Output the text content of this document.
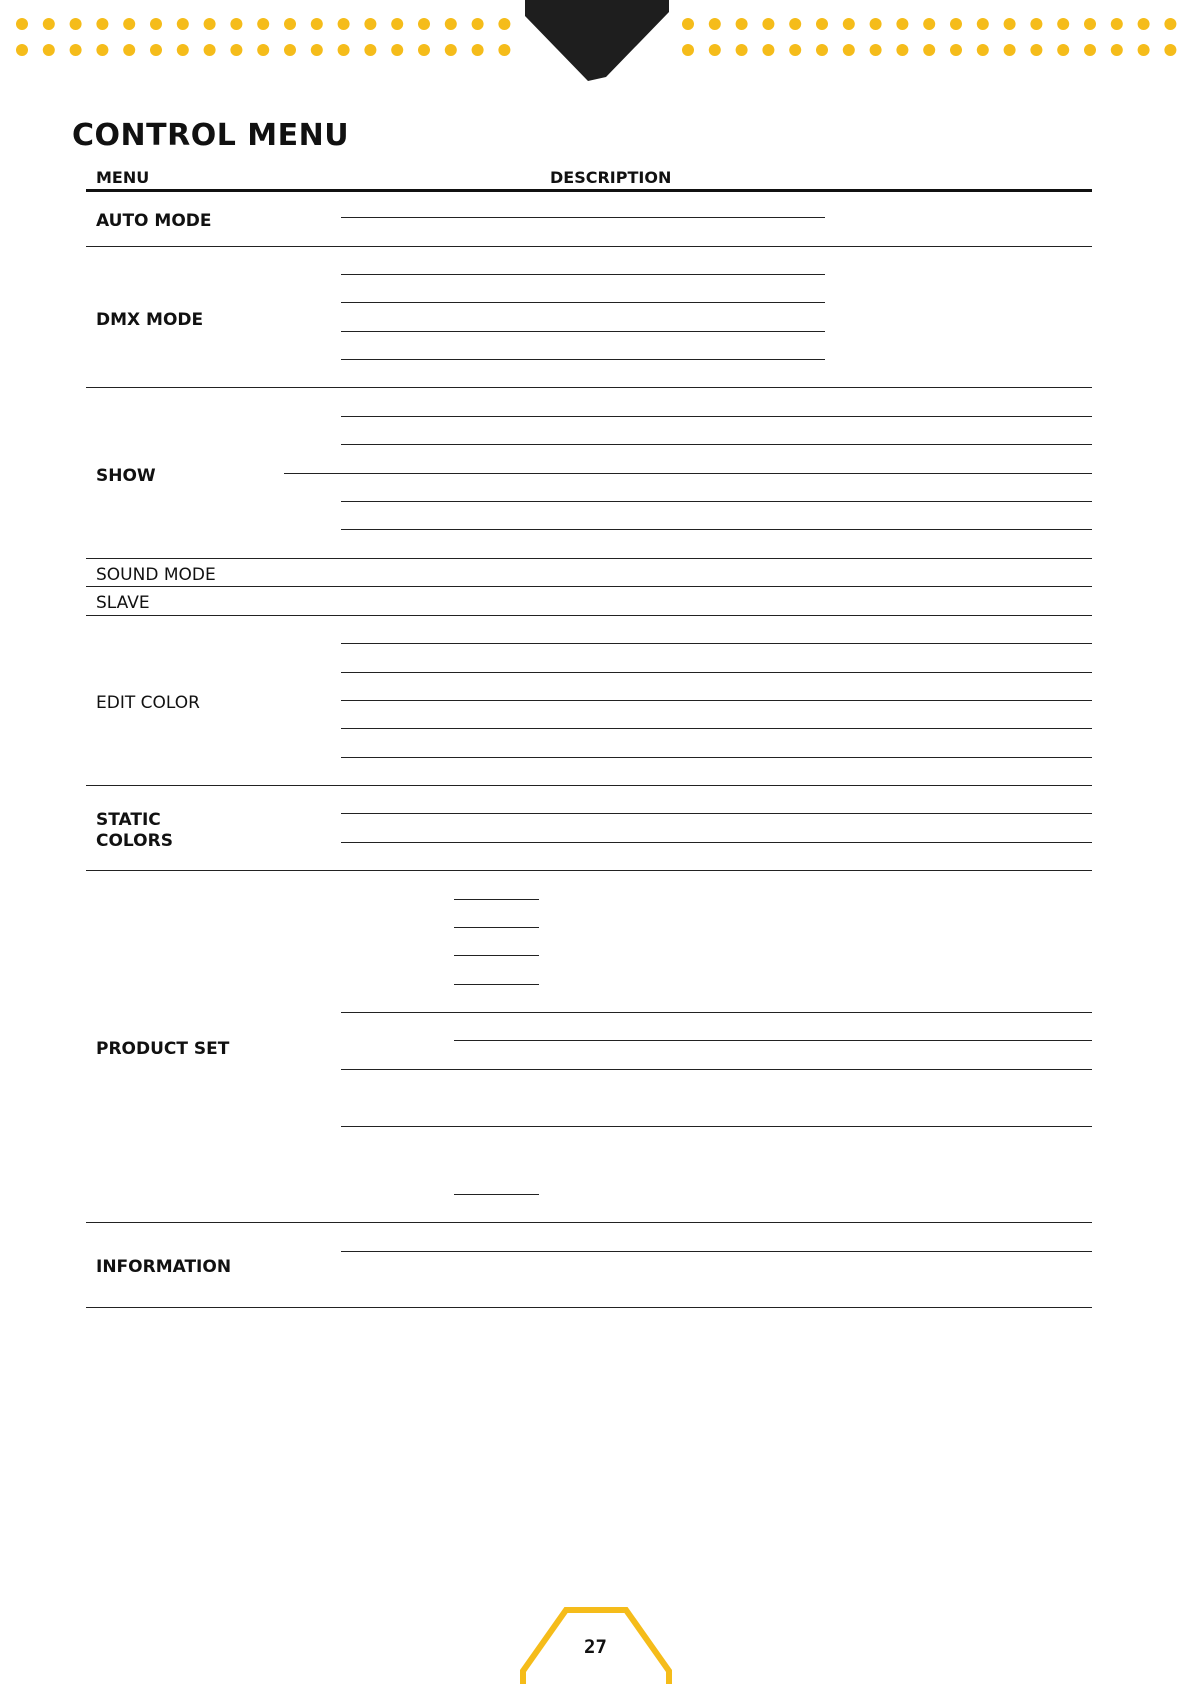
CONTROL MENU
MENU	DESCRIPTION
AUTO MODE
DMX MODE
SHOW
SOUND MODE
SLAVE
EDIT COLOR
STATIC COLORS
PRODUCT SET
INFORMATION
27
